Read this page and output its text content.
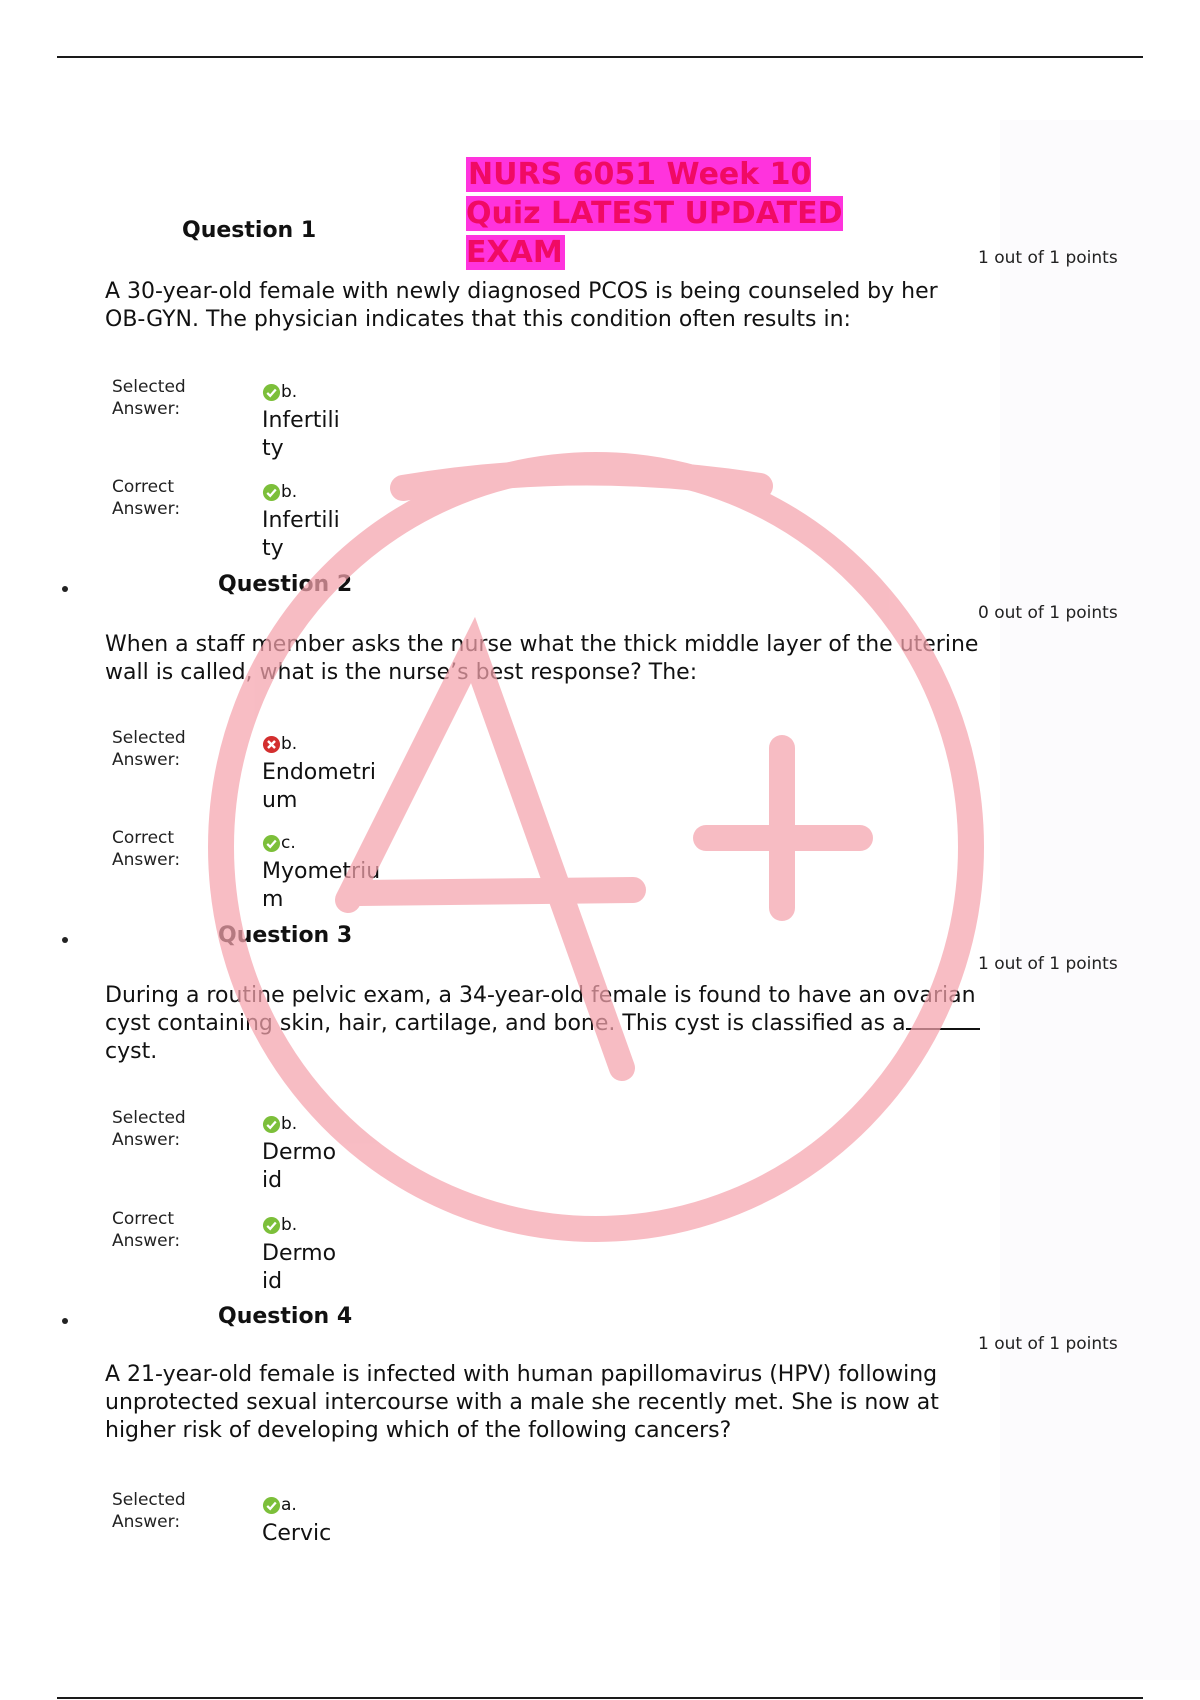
NURS 6051 Week 10 Quiz LATEST UPDATED EXAM
Question 1
1 out of 1 points
A 30-year-old female with newly diagnosed PCOS is being counseled by her OB-GYN. The physician indicates that this condition often results in:
Selected
Answer:
b.
Infertili
ty
Correct
Answer:
b.
Infertili
ty
Question 2
0 out of 1 points
When a staff member asks the nurse what the thick middle layer of the uterine wall is called, what is the nurse’s best response? The:
Selected
Answer:
b.
Endometri
um
Correct
Answer:
c.
Myometriu
m
Question 3
1 out of 1 points
During a routine pelvic exam, a 34-year-old female is found to have an ovarian cyst containing skin, hair, cartilage, and bone. This cyst is classified as acyst.
Selected
Answer:
b.
Dermo
id
Correct
Answer:
b.
Dermo
id
Question 4
1 out of 1 points
A 21-year-old female is infected with human papillomavirus (HPV) following unprotected sexual intercourse with a male she recently met. She is now at higher risk of developing which of the following cancers?
Selected
Answer:
a.
Cervic
